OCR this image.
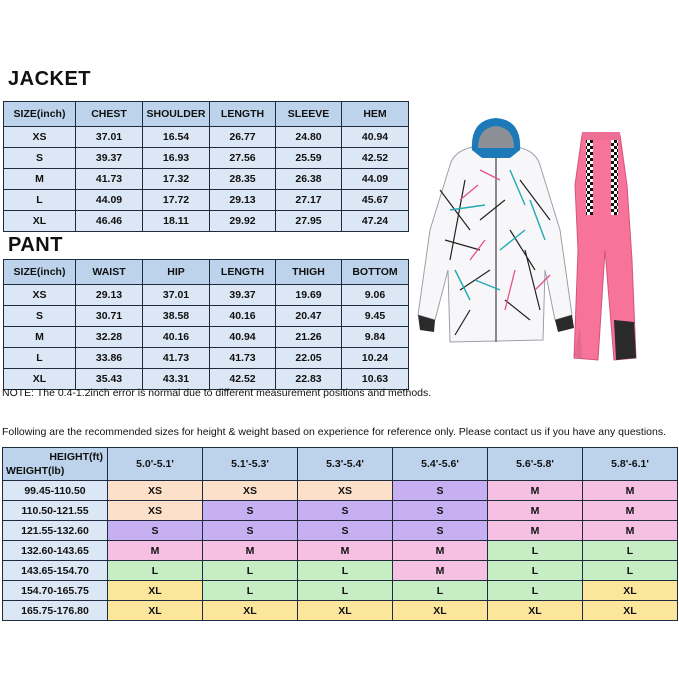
JACKET
SIZE(inch)	CHEST	SHOULDER	LENGTH	SLEEVE	HEM
XS	37.01	16.54	26.77	24.80	40.94
S	39.37	16.93	27.56	25.59	42.52
M	41.73	17.32	28.35	26.38	44.09
L	44.09	17.72	29.13	27.17	45.67
XL	46.46	18.11	29.92	27.95	47.24
PANT
SIZE(inch)	WAIST	HIP	LENGTH	THIGH	BOTTOM
XS	29.13	37.01	39.37	19.69	9.06
S	30.71	38.58	40.16	20.47	9.45
M	32.28	40.16	40.94	21.26	9.84
L	33.86	41.73	41.73	22.05	10.24
XL	35.43	43.31	42.52	22.83	10.63
NOTE: The 0.4-1.2inch error is normal due to different measurement positions and methods.
Following are the recommended sizes for height & weight based on experience for reference only. Please contact us if you have any questions.
HEIGHT(ft)
WEIGHT(lb)	5.0'-5.1'	5.1'-5.3'	5.3'-5.4'	5.4'-5.6'	5.6'-5.8'	5.8'-6.1'
99.45-110.50	XS	XS	XS	S	M	M
110.50-121.55	XS	S	S	S	M	M
121.55-132.60	S	S	S	S	M	M
132.60-143.65	M	M	M	M	L	L
143.65-154.70	L	L	L	M	L	L
154.70-165.75	XL	L	L	L	L	XL
165.75-176.80	XL	XL	XL	XL	XL	XL
